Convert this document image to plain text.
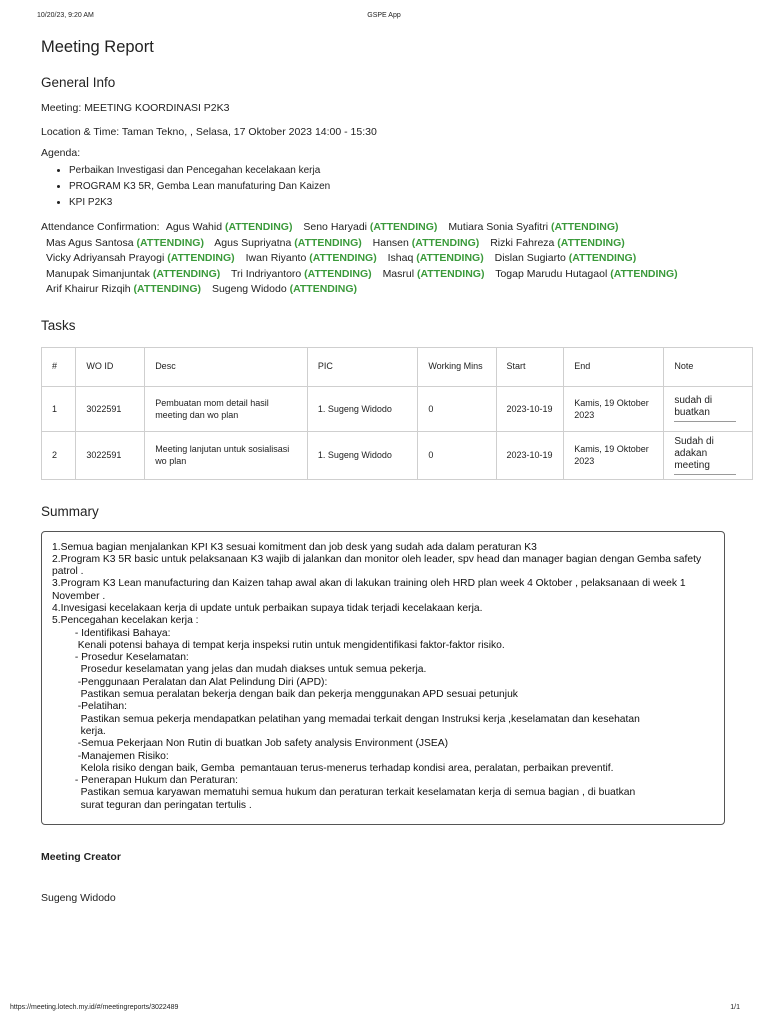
10/20/23, 9:20 AM	GSPE App
Meeting Report
General Info
Meeting: MEETING KOORDINASI P2K3
Location & Time: Taman Tekno, , Selasa, 17 Oktober 2023 14:00 - 15:30
Agenda:
• Perbaikan Investigasi dan Pencegahan kecelakaan kerja
• PROGRAM K3 5R, Gemba Lean manufaturing Dan Kaizen
• KPI P2K3
Attendance Confirmation: Agus Wahid (ATTENDING) Seno Haryadi (ATTENDING) Mutiara Sonia Syafitri (ATTENDING)
Mas Agus Santosa (ATTENDING) Agus Supriyatna (ATTENDING) Hansen (ATTENDING) Rizki Fahreza (ATTENDING)
Vicky Adriyansah Prayogi (ATTENDING) Iwan Riyanto (ATTENDING) Ishaq (ATTENDING) Dislan Sugiarto (ATTENDING)
Manupak Simanjuntak (ATTENDING) Tri Indriyantoro (ATTENDING) Masrul (ATTENDING) Togap Marudu Hutagaol (ATTENDING)
Arif Khairur Rizqih (ATTENDING) Sugeng Widodo (ATTENDING)
Tasks
#	WO ID	Desc	PIC	Working Mins	Start	End	Note
1	3022591	Pembuatan mom detail hasil meeting dan wo plan	1. Sugeng Widodo	0	2023-10-19	Kamis, 19 Oktober 2023	sudah di buatkan

2	3022591	Meeting lanjutan untuk sosialisasi wo plan	1. Sugeng Widodo	0	2023-10-19	Kamis, 19 Oktober 2023	Sudah di adakan meeting
Summary
1.Semua bagian menjalankan KPI K3 sesuai komitment dan job desk yang sudah ada dalam peraturan K3
2.Program K3 5R basic untuk pelaksanaan K3 wajib di jalankan dan monitor oleh leader, spv head dan manager bagian dengan Gemba safety patrol .
3.Program K3 Lean manufacturing dan Kaizen tahap awal akan di lakukan training oleh HRD plan week 4 Oktober , pelaksanaan di week 1 November .
4.Invesigasi kecelakaan kerja di update untuk perbaikan supaya tidak terjadi kecelakaan kerja.
5.Pencegahan kecelakan kerja :
- Identifikasi Bahaya:
Kenali potensi bahaya di tempat kerja inspeksi rutin untuk mengidentifikasi faktor-faktor risiko.
- Prosedur Keselamatan:
Prosedur keselamatan yang jelas dan mudah diakses untuk semua pekerja.
-Penggunaan Peralatan dan Alat Pelindung Diri (APD):
Pastikan semua peralatan bekerja dengan baik dan pekerja menggunakan APD sesuai petunjuk
-Pelatihan:
Pastikan semua pekerja mendapatkan pelatihan yang memadai terkait dengan Instruksi kerja ,keselamatan dan kesehatan
kerja.
-Semua Pekerjaan Non Rutin di buatkan Job safety analysis Environment (JSEA)
-Manajemen Risiko:
Kelola risiko dengan baik, Gemba  pemantauan terus-menerus terhadap kondisi area, peralatan, perbaikan preventif.
- Penerapan Hukum dan Peraturan:
Pastikan semua karyawan mematuhi semua hukum dan peraturan terkait keselamatan kerja di semua bagian , di buatkan
surat teguran dan peringatan tertulis .
Meeting Creator
Sugeng Widodo
https://meeting.lotech.my.id/#/meetingreports/3022489	1/1
